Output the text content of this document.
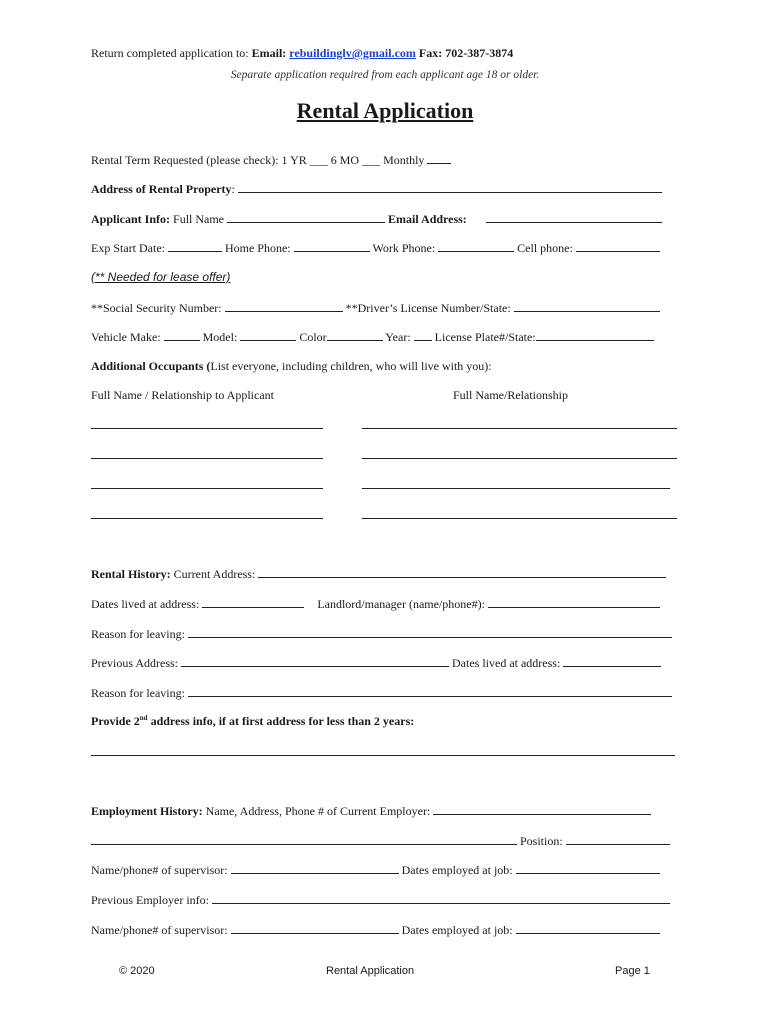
Return completed application to: Email: rebuildinglv@gmail.com Fax: 702-387-3874
Separate application required from each applicant age 18 or older.
Rental Application
Rental Term Requested (please check): 1 YR ___ 6 MO ___ Monthly
Address of Rental Property:
Applicant Info: Full Name	Email Address:
Exp Start Date:	Home Phone:	Work Phone:	Cell phone:
(** Needed for lease offer)
**Social Security Number:	**Driver’s License Number/State:
Vehicle Make:	Model:	Color	Year: License Plate#/State:
Additional Occupants (List everyone, including children, who will live with you):
Full Name / Relationship to Applicant	Full Name/Relationship
Rental History: Current Address:
Dates lived at address:	Landlord/manager (name/phone#):
Reason for leaving:
Previous Address:	Dates lived at address:
Reason for leaving:
Provide 2nd address info, if at first address for less than 2 years:
Employment History: Name, Address, Phone # of Current Employer:
Position:
Name/phone# of supervisor:	Dates employed at job:
Previous Employer info:
Name/phone# of supervisor:	Dates employed at job:
© 2020	Rental Application	Page 1
